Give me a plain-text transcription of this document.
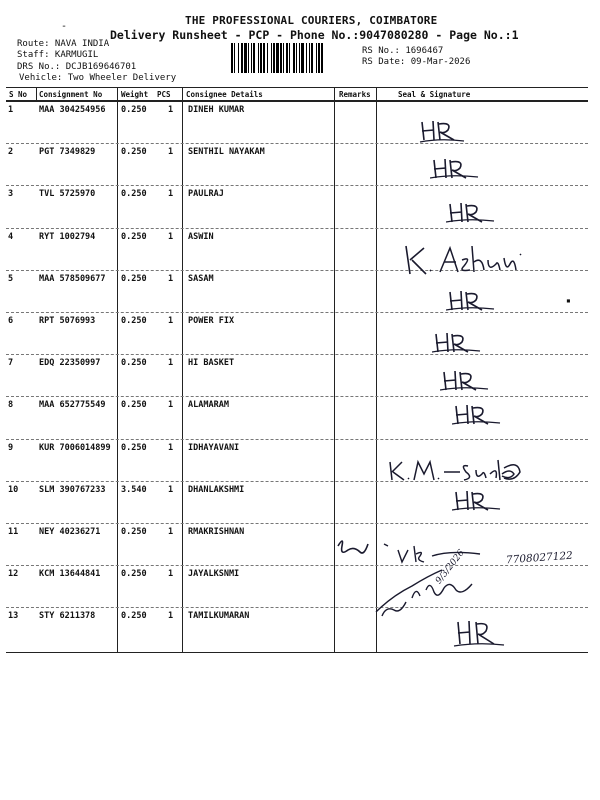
-	THE PROFESSIONAL COURIERS, COIMBATORE
Delivery Runsheet - PCP - Phone No.:9047080280 - Page No.:1
Route: NAVA INDIA
Staff: KARMUGIL
DRS No.: DCJB169646701
Vehicle: Two Wheeler Delivery
RS No.: 1696467
RS Date: 09-Mar-2026
S No Consignment No	Weight PCS Consignee Details	Remarks	Seal & Signature
1	MAA 304254956 0.250	1 DINEH KUMAR
2	PGT 7349829	0.250	1 SENTHIL NAYAKAM
3	TVL 5725970	0.250	1 PAULRAJ
4	RYT 1002794	0.250	1 ASWIN
5	MAA 578509677 0.250	1 SASAM
6	RPT 5076993	0.250	1 POWER FIX
7	EDQ 22350997 0.250	1 HI BASKET
8	MAA 652775549 0.250	1 ALAMARAM
9	KUR 7006014899 0.250	1 IDHAYAVANI
10 SLM 390767233 3.540	1 DHANLAKSHMI
11 NEY 40236271 0.250	1 RMAKRISHNAN
12 KCM 13644841 0.250	1 JAYALKSNMI
13 STY 6211378	0.250	1 TAMILKUMARAN
7708027122
9/3/2026
▪
